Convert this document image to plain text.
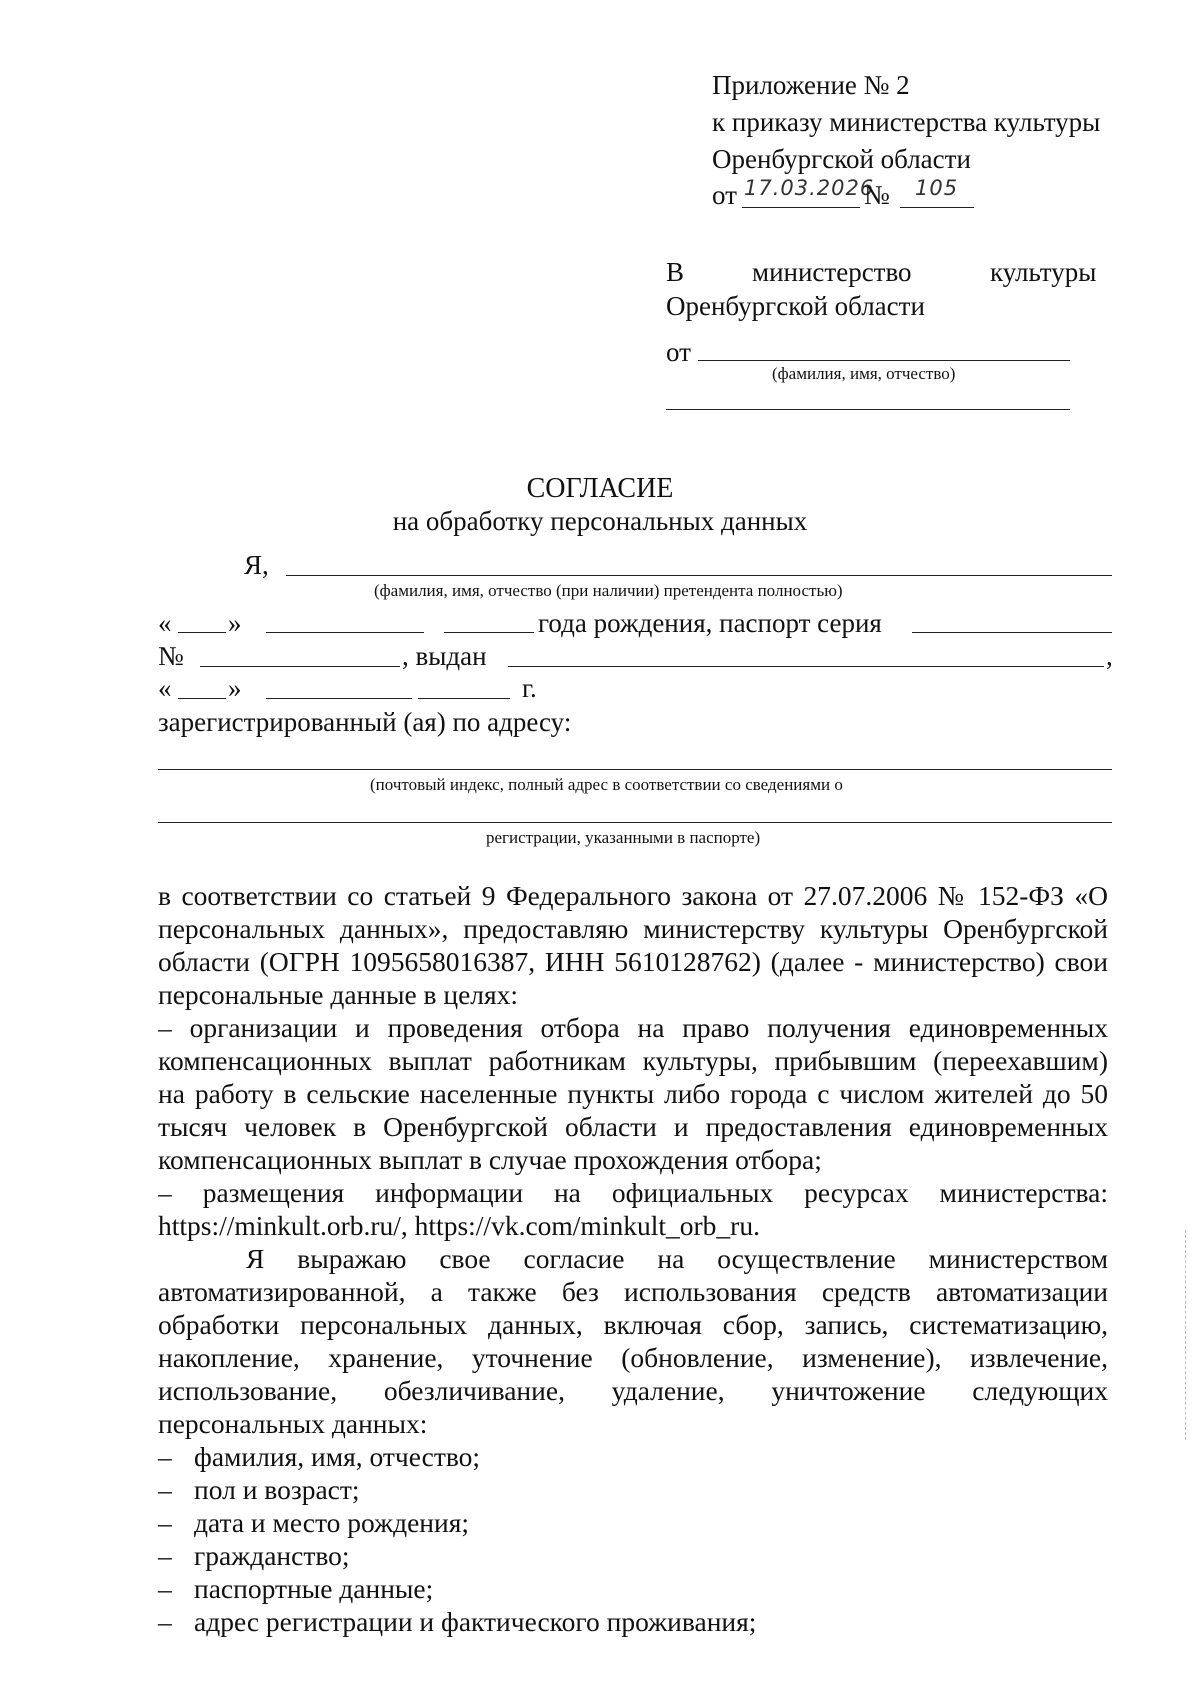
Приложение № 2
к приказу министерства культуры
Оренбургской области
от 17.03.2026
№ 105
В	министерство	культуры
Оренбургской области
от
(фамилия, имя, отчество)
СОГЛАСИЕ
на обработку персональных данных
Я,
(фамилия, имя, отчество (при наличии) претендента полностью)
« »	года рождения, паспорт серия
№	, выдан	,
« »	г.
зарегистрированный (ая) по адресу:
(почтовый индекс, полный адрес в соответствии со сведениями о
регистрации, указанными в паспорте)
в соответствии со статьей 9 Федерального закона от 27.07.2006 № 152-ФЗ «О
персональных данных», предоставляю министерству культуры Оренбургской
области (ОГРН 1095658016387, ИНН 5610128762) (далее - министерство) свои
персональные данные в целях:
– организации и проведения отбора на право получения единовременных
компенсационных выплат работникам культуры, прибывшим (переехавшим)
на работу в сельские населенные пункты либо города с числом жителей до 50
тысяч человек в Оренбургской области и предоставления единовременных
компенсационных выплат в случае прохождения отбора;
– размещения информации на официальных ресурсах министерства:
https://minkult.orb.ru/, https://vk.com/minkult_orb_ru.
Я выражаю свое согласие на осуществление министерством
автоматизированной, а также без использования средств автоматизации
обработки персональных данных, включая сбор, запись, систематизацию,
накопление, хранение, уточнение (обновление, изменение), извлечение,
использование, обезличивание, удаление, уничтожение следующих
персональных данных:
– фамилия, имя, отчество;
– пол и возраст;
– дата и место рождения;
– гражданство;
– паспортные данные;
– адрес регистрации и фактического проживания;
